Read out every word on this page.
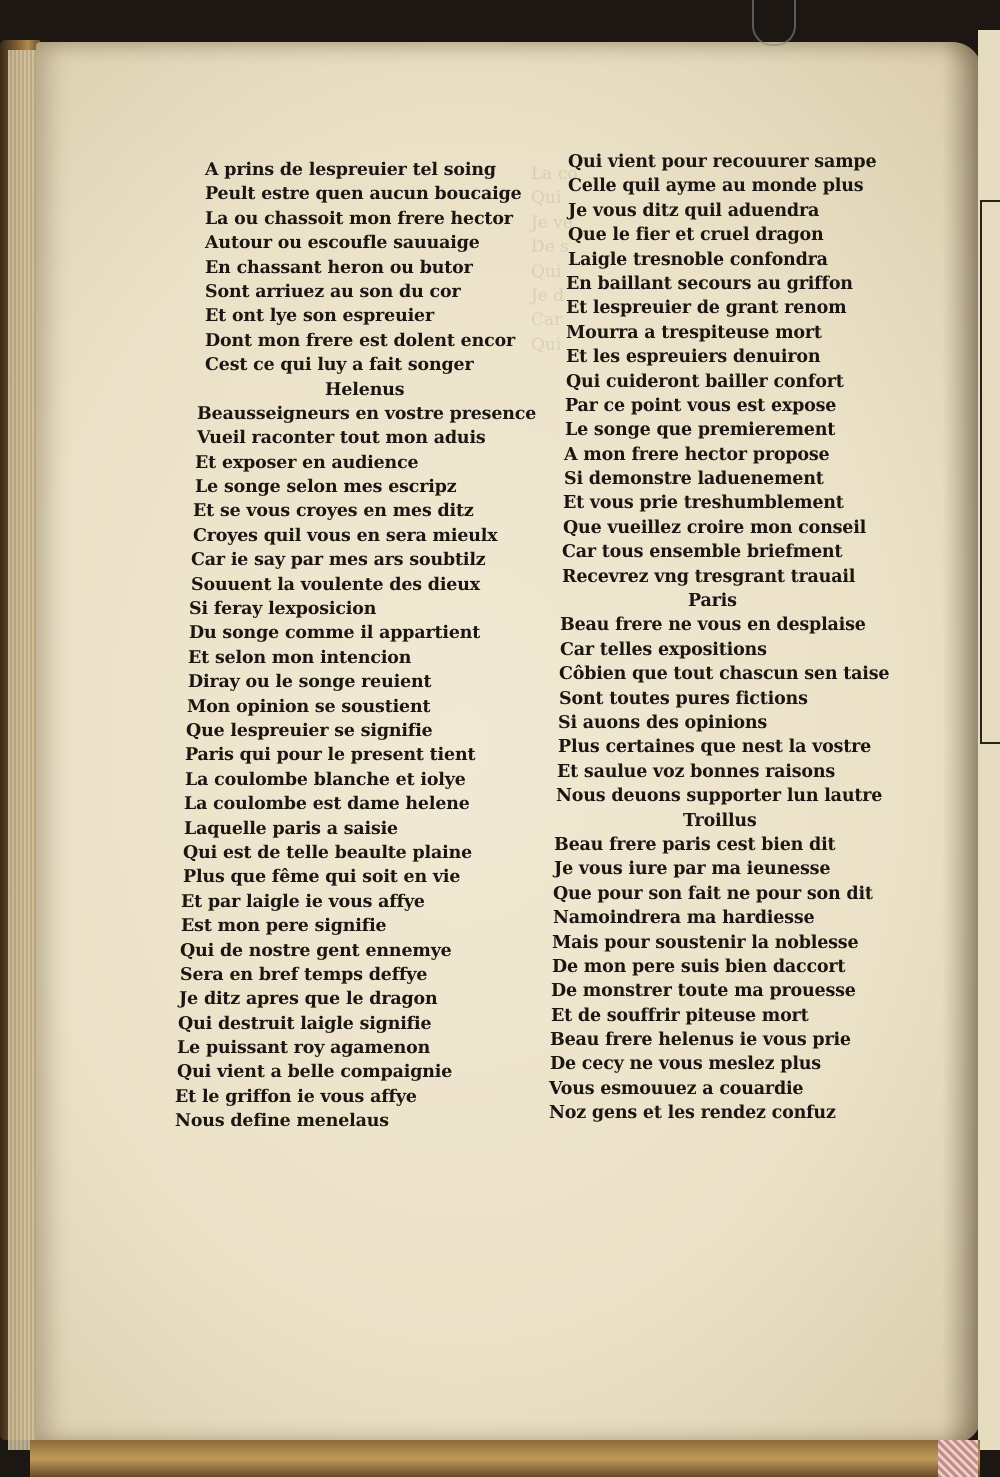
La co
Qui
Je ve
De s
Qui
Je d
Car
Qui
A prins de lespreuier tel soing
Peult estre quen aucun boucaige
La ou chassoit mon frere hector
Autour ou escoufle sauuaige
En chassant heron ou butor
Sont arriuez au son du cor
Et ont lye son espreuier
Dont mon frere est dolent encor
Cest ce qui luy a fait songer
Helenus
Beausseigneurs en vostre presence
Vueil raconter tout mon aduis
Et exposer en audience
Le songe selon mes escripz
Et se vous croyes en mes ditz
Croyes quil vous en sera mieulx
Car ie say par mes ars soubtilz
Souuent la voulente des dieux
Si feray lexposicion
Du songe comme il appartient
Et selon mon intencion
Diray ou le songe reuient
Mon opinion se soustient
Que lespreuier se signifie
Paris qui pour le present tient
La coulombe blanche et iolye
La coulombe est dame helene
Laquelle paris a saisie
Qui est de telle beaulte plaine
Plus que fême qui soit en vie
Et par laigle ie vous affye
Est mon pere signifie
Qui de nostre gent ennemye
Sera en bref temps deffye
Je ditz apres que le dragon
Qui destruit laigle signifie
Le puissant roy agamenon
Qui vient a belle compaignie
Et le griffon ie vous affye
Nous define menelaus
Qui vient pour recouurer sampe
Celle quil ayme au monde plus
Je vous ditz quil aduendra
Que le fier et cruel dragon
Laigle tresnoble confondra
En baillant secours au griffon
Et lespreuier de grant renom
Mourra a trespiteuse mort
Et les espreuiers denuiron
Qui cuideront bailler confort
Par ce point vous est expose
Le songe que premierement
A mon frere hector propose
Si demonstre laduenement
Et vous prie treshumblement
Que vueillez croire mon conseil
Car tous ensemble briefment
Recevrez vng tresgrant trauail
Paris
Beau frere ne vous en desplaise
Car telles expositions
Côbien que tout chascun sen taise
Sont toutes pures fictions
Si auons des opinions
Plus certaines que nest la vostre
Et saulue voz bonnes raisons
Nous deuons supporter lun lautre
Troillus
Beau frere paris cest bien dit
Je vous iure par ma ieunesse
Que pour son fait ne pour son dit
Namoindrera ma hardiesse
Mais pour soustenir la noblesse
De mon pere suis bien daccort
De monstrer toute ma prouesse
Et de souffrir piteuse mort
Beau frere helenus ie vous prie
De cecy ne vous meslez plus
Vous esmouuez a couardie
Noz gens et les rendez confuz
